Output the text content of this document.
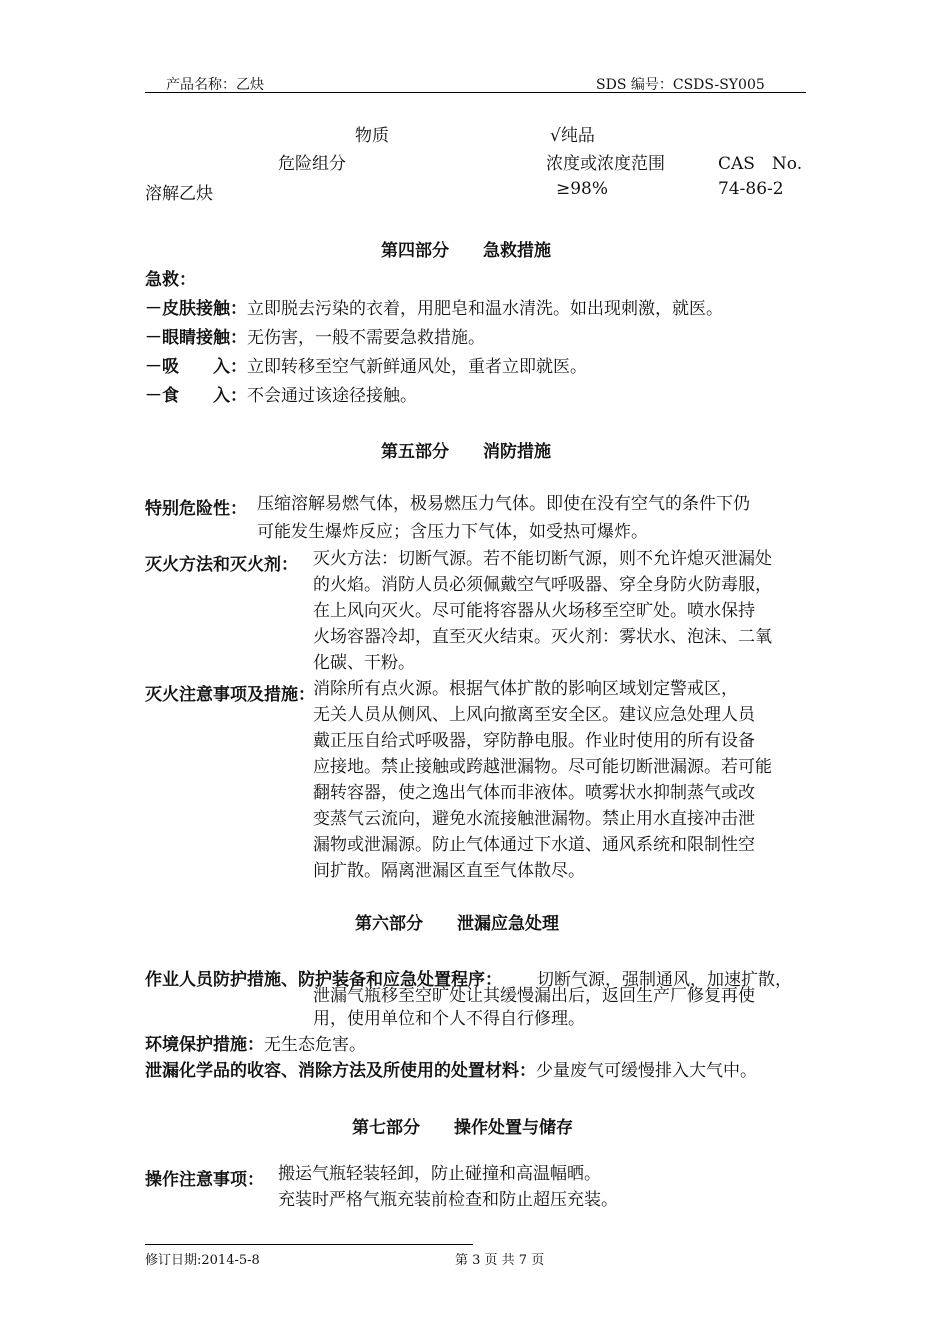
产品名称：乙炔	SDS 编号：CSDS-SY005
物质	√纯品
危险组分	浓度或浓度范围	CAS　No.
溶解乙炔	≥98%	74-86-2
第四部分　　急救措施
急救：
－皮肤接触：立即脱去污染的衣着，用肥皂和温水清洗。如出现刺激，就医。
－眼睛接触：无伤害，一般不需要急救措施。
－吸　　入：立即转移至空气新鲜通风处，重者立即就医。
－食　　入：不会通过该途径接触。
第五部分　　消防措施
特别危险性： 压缩溶解易燃气体，极易燃压力气体。即使在没有空气的条件下仍
可能发生爆炸反应；含压力下气体，如受热可爆炸。
灭火方法和灭火剂： 灭火方法：切断气源。若不能切断气源，则不允许熄灭泄漏处
的火焰。消防人员必须佩戴空气呼吸器、穿全身防火防毒服，
在上风向灭火。尽可能将容器从火场移至空旷处。喷水保持
火场容器冷却，直至灭火结束。灭火剂：雾状水、泡沫、二氧
化碳、干粉。
灭火注意事项及措施：
消除所有点火源。根据气体扩散的影响区域划定警戒区，
无关人员从侧风、上风向撤离至安全区。建议应急处理人员
戴正压自给式呼吸器，穿防静电服。作业时使用的所有设备
应接地。禁止接触或跨越泄漏物。尽可能切断泄漏源。若可能
翻转容器，使之逸出气体而非液体。喷雾状水抑制蒸气或改
变蒸气云流向，避免水流接触泄漏物。禁止用水直接冲击泄
漏物或泄漏源。防止气体通过下水道、通风系统和限制性空
间扩散。隔离泄漏区直至气体散尽。
第六部分　　泄漏应急处理
作业人员防护措施、防护装备和应急处置程序： 切断气源，强制通风，加速扩散，
泄漏气瓶移至空旷处让其缓慢漏出后，返回生产厂修复再使
用，使用单位和个人不得自行修理。
环境保护措施：无生态危害。
泄漏化学品的收容、消除方法及所使用的处置材料：少量废气可缓慢排入大气中。
第七部分　　操作处置与储存
操作注意事项： 搬运气瓶轻装轻卸，防止碰撞和高温幅晒。
充装时严格气瓶充装前检查和防止超压充装。
修订日期:2014-5-8	第 3 页 共 7 页
